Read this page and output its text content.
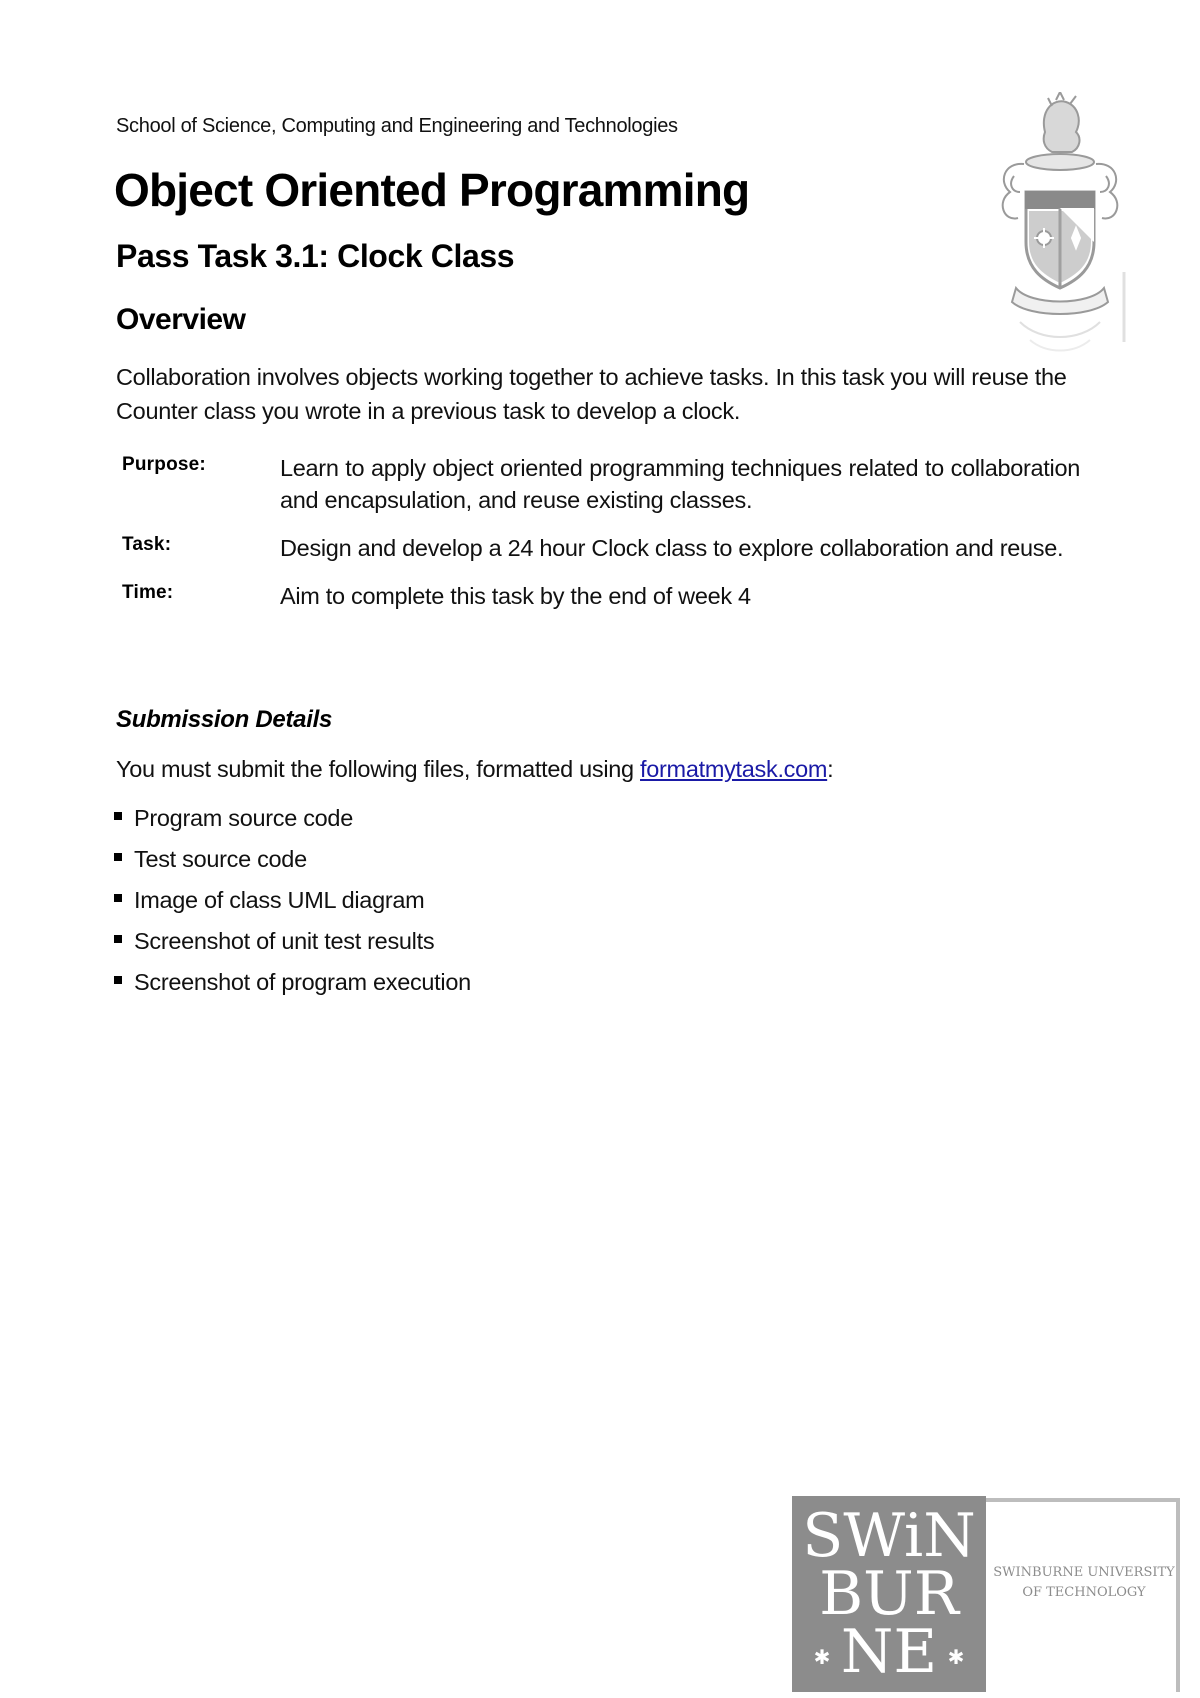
School of Science, Computing and Engineering and Technologies
Object Oriented Programming
Pass Task 3.1: Clock Class
Overview

Collaboration involves objects working together to achieve tasks. In this task you will reuse the Counter class you wrote in a previous task to develop a clock.

Purpose:	Learn to apply object oriented programming techniques related to collaboration and encapsulation, and reuse existing classes.
Task:	Design and develop a 24 hour Clock class to explore collaboration and reuse.
Time:	Aim to complete this task by the end of week 4
Submission Details

You must submit the following files, formatted using formatmytask.com:

Program source code
Test source code
Image of class UML diagram
Screenshot of unit test results
Screenshot of program execution
SWiN
BUR
NE
✱	✱
SWINBURNE UNIVERSITY
OF TECHNOLOGY
